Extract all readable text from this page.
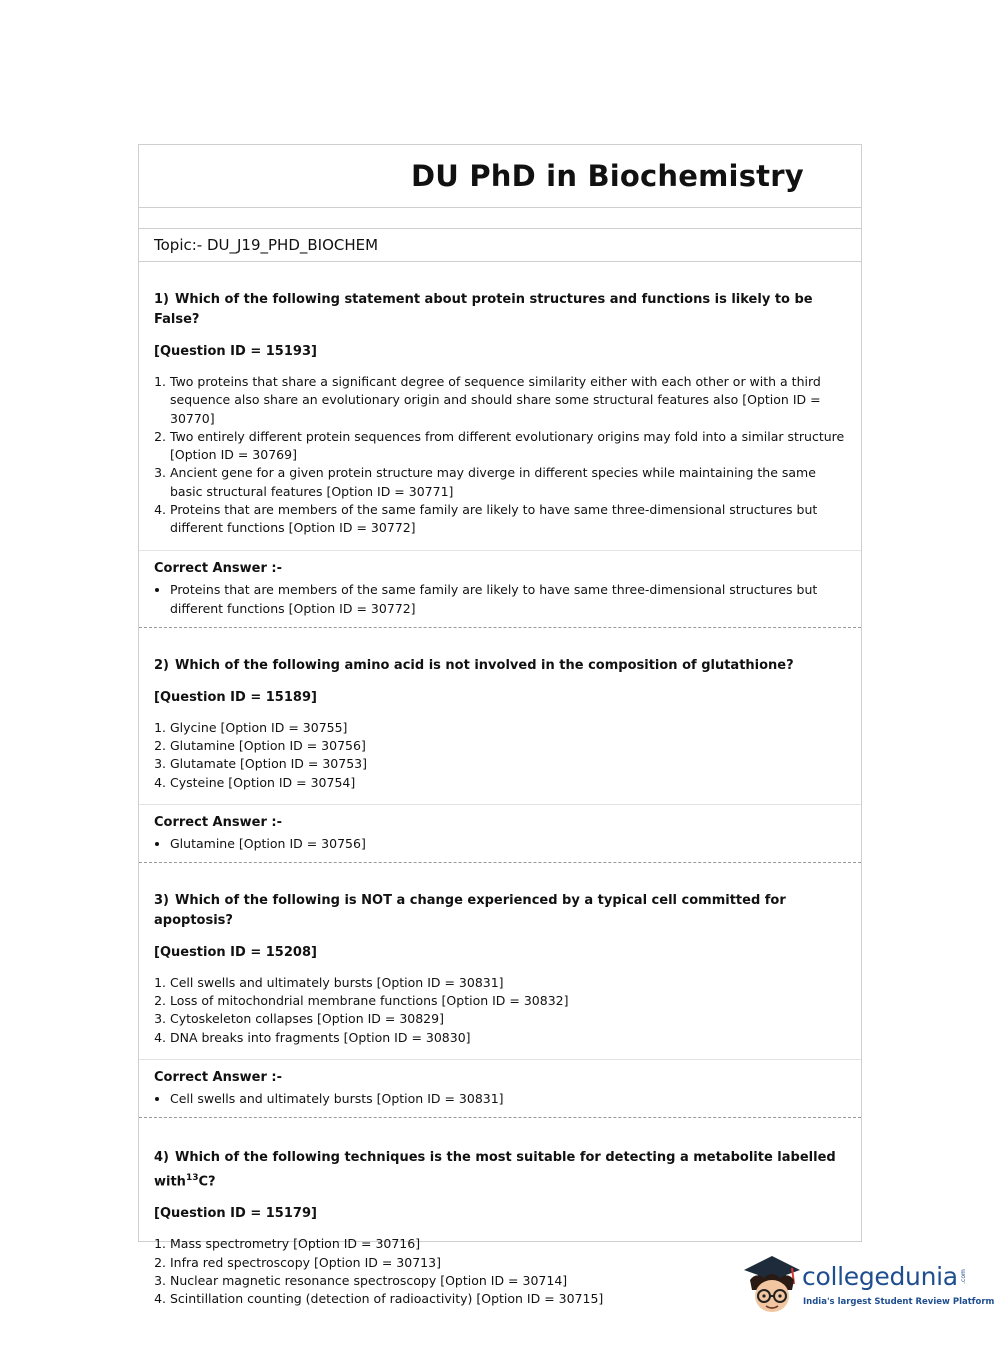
DU PhD in Biochemistry
Topic:- DU_J19_PHD_BIOCHEM
1) Which of the following statement about protein structures and functions is likely to be False?
[Question ID = 15193]
1. Two proteins that share a significant degree of sequence similarity either with each other or with a third sequence also share an evolutionary origin and should share some structural features also [Option ID = 30770]
2. Two entirely different protein sequences from different evolutionary origins may fold into a similar structure [Option ID = 30769]
3. Ancient gene for a given protein structure may diverge in different species while maintaining the same basic structural features [Option ID = 30771]
4. Proteins that are members of the same family are likely to have same three-dimensional structures but different functions [Option ID = 30772]
Correct Answer :-
• Proteins that are members of the same family are likely to have same three-dimensional structures but different functions [Option ID = 30772]
2) Which of the following amino acid is not involved in the composition of glutathione?
[Question ID = 15189]
1. Glycine [Option ID = 30755]
2. Glutamine [Option ID = 30756]
3. Glutamate [Option ID = 30753]
4. Cysteine [Option ID = 30754]
Correct Answer :-
• Glutamine [Option ID = 30756]
3) Which of the following is NOT a change experienced by a typical cell committed for apoptosis?
[Question ID = 15208]
1. Cell swells and ultimately bursts [Option ID = 30831]
2. Loss of mitochondrial membrane functions [Option ID = 30832]
3. Cytoskeleton collapses [Option ID = 30829]
4. DNA breaks into fragments [Option ID = 30830]
Correct Answer :-
• Cell swells and ultimately bursts [Option ID = 30831]
4) Which of the following techniques is the most suitable for detecting a metabolite labelled with$^{13}$C?
[Question ID = 15179]
1. Mass spectrometry [Option ID = 30716]
2. Infra red spectroscopy [Option ID = 30713]
3. Nuclear magnetic resonance spectroscopy [Option ID = 30714]
4. Scintillation counting (detection of radioactivity) [Option ID = 30715]
collegedunia .com
India's largest Student Review Platform
